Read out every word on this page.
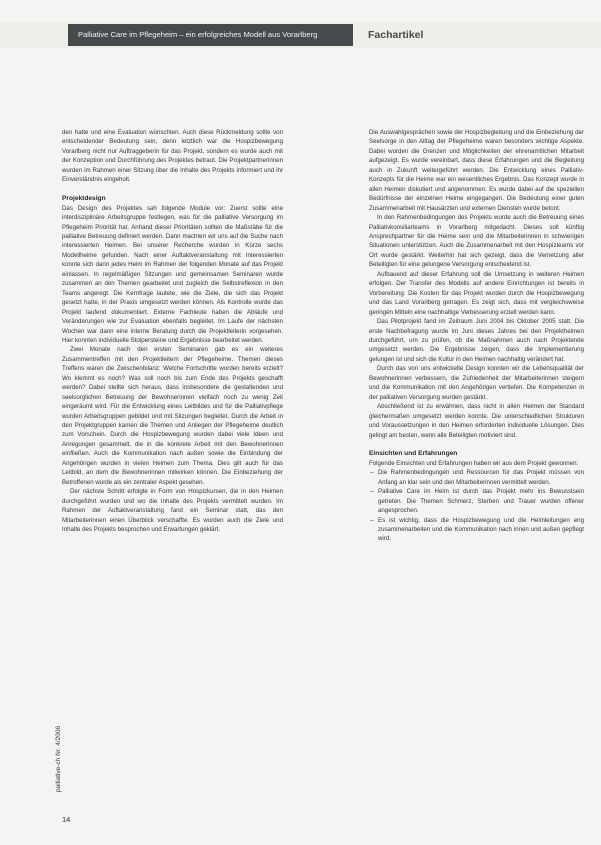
Palliative Care im Pflegeheim – ein erfolgreiches Modell aus Vorarlberg	Fachartikel

den hatte und eine Evaluation wünschten. Auch diese Rückmeldung sollte von entscheidender Bedeutung sein, denn letztlich war die Hospizbewegung Vorarlberg nicht nur Auftraggeberin für das Projekt, sondern es wurde auch mit der Konzeption und Durchführung des Projektes betraut. Die Projektpartnerinnen wurden im Rahmen einer Sitzung über die Inhalte des Projekts informiert und ihr Einverständnis eingeholt.

Projektdesign

Das Design des Projektes sah folgende Module vor: Zuerst sollte eine interdisziplinäre Arbeitsgruppe festlegen, was für die palliative Versorgung im Pflegeheim Priorität hat. Anhand dieser Prioritäten sollten die Maßstäbe für die palliative Betreuung definiert werden. Dann machten wir uns auf die Suche nach interessierten Heimen. Bei unserer Recherche wurden in Kürze sechs Modellheime gefunden. Nach einer Auftaktveranstaltung mit Interessierten konnte sich dann jedes Heim im Rahmen der folgenden Monate auf das Projekt einlassen. In regelmäßigen Sitzungen und gemeinsamen Seminaren wurde zusammen an den Themen gearbeitet und zugleich die Selbstreflexion in den Teams angeregt. Die Kernfrage lautete, wie die Ziele, die sich das Projekt gesetzt hatte, in der Praxis umgesetzt werden können. Als Kontrolle wurde das Projekt laufend dokumentiert. Externe Fachleute haben die Abläufe und Veränderungen wie zur Evaluation ebenfalls begleitet. Im Laufe der nächsten Wochen war dann eine interne Beratung durch die Projektleiterin vorgesehen. Hier konnten individuelle Stolpersteine und Ergebnisse bearbeitet werden.

Zwei Monate nach den ersten Seminaren gab es ein weiteres Zusammentreffen mit den Projektleitern der Pflegeheime. Themen dieses Treffens waren die Zwischenbilanz: Welche Fortschritte wurden bereits erzielt? Wo klemmt es noch? Was soll noch bis zum Ende des Projekts geschafft werden? Dabei stellte sich heraus, dass insbesondere die gestaltenden und seelsorglichen Betreuung der Bewohnerinnen vielfach noch zu wenig Zeit eingeräumt wird. Für die Entwicklung eines Leitbildes und für die Palliativpflege wurden Arbeitsgruppen gebildet und mit Sitzungen begleitet. Durch die Arbeit in den Projektgruppen kamen die Themen und Anliegen der Pflegeheime deutlich zum Vorschein. Durch die Hospizbewegung wurden dabei viele Ideen und Anregungen gesammelt, die in die konkrete Arbeit mit den Bewohnerinnen einfließen. Auch die Kommunikation nach außen sowie die Einbindung der Angehörigen wurden in vielen Heimen zum Thema. Dies gilt auch für das Leitbild, an dem die Bewohnerinnen mitwirken können. Die Einbeziehung der Betroffenen wurde als ein zentraler Aspekt gesehen.

Der nächste Schritt erfolgte in Form von Hospizkursen, die in den Heimen durchgeführt wurden und wo die Inhalte des Projekts vermittelt wurden. Im Rahmen der Auftaktveranstaltung fand ein Seminar statt, das den Mitarbeiterinnen einen Überblick verschaffte. Es wurden auch die Ziele und Inhalte des Projekts besprochen und Erwartungen geklärt.

Die Auswahlgesprächen sowie der Hospizbegleitung und die Einbeziehung der Seelsorge in den Alltag der Pflegeheime waren besonders wichtige Aspekte. Dabei wurden die Grenzen und Möglichkeiten der ehrenamtlichen Mitarbeit aufgezeigt. Es wurde vereinbart, dass diese Erfahrungen und die Begleitung auch in Zukunft weitergeführt werden. Die Entwicklung eines Palliativ-Konzepts für die Heime war ein wesentliches Ergebnis. Das Konzept wurde in allen Heimen diskutiert und angenommen. Es wurde dabei auf die speziellen Bedürfnisse der einzelnen Heime eingegangen. Die Bedeutung einer guten Zusammenarbeit mit Hausärzten und externen Diensten wurde betont.

In den Rahmenbedingungen des Projekts wurde auch die Betreuung eines Palliativkonsiliarteams in Vorarlberg mitgedacht. Dieses soll künftig Ansprechpartner für die Heime sein und die Mitarbeiterinnen in schwierigen Situationen unterstützen. Auch die Zusammenarbeit mit den Hospizteams vor Ort wurde gestärkt. Weiterhin hat sich gezeigt, dass die Vernetzung aller Beteiligten für eine gelungene Versorgung entscheidend ist.

Aufbauend auf dieser Erfahrung soll die Umsetzung in weiteren Heimen erfolgen. Der Transfer des Modells auf andere Einrichtungen ist bereits in Vorbereitung. Die Kosten für das Projekt wurden durch die Hospizbewegung und das Land Vorarlberg getragen. Es zeigt sich, dass mit vergleichsweise geringen Mitteln eine nachhaltige Verbesserung erzielt werden kann.

Das Pilotprojekt fand im Zeitraum Juni 2004 bis Oktober 2005 statt. Die erste Nachbefragung wurde im Juni dieses Jahres bei den Projektheimen durchgeführt, um zu prüfen, ob die Maßnahmen auch nach Projektende umgesetzt werden. Die Ergebnisse zeigen, dass die Implementierung gelungen ist und sich die Kultur in den Heimen nachhaltig verändert hat.

Durch das von uns entwickelte Design konnten wir die Lebensqualität der Bewohnerinnen verbessern, die Zufriedenheit der Mitarbeiterinnen steigern und die Kommunikation mit den Angehörigen vertiefen. Die Kompetenzen in der palliativen Versorgung wurden gestärkt.

Abschließend ist zu erwähnen, dass nicht in allen Heimen der Standard gleichermaßen umgesetzt werden konnte. Die unterschiedlichen Strukturen und Voraussetzungen in den Heimen erforderten individuelle Lösungen. Dies gelingt am besten, wenn alle Beteiligten motiviert sind.

Einsichten und Erfahrungen

Folgende Einsichten und Erfahrungen haben wir aus dem Projekt gewonnen:

– Die Rahmenbedingungen und Ressourcen für das Projekt müssen von Anfang an klar sein und den Mitarbeiterinnen vermittelt werden.
– Palliative Care im Heim ist durch das Projekt mehr ins Bewusstsein getreten. Die Themen Schmerz, Sterben und Trauer wurden offener angesprochen.
– Es ist wichtig, dass die Hospizbewegung und die Heimleitungen eng zusammenarbeiten und die Kommunikation nach innen und außen gepflegt wird.
palliative-ch Nr. 4/2006
14
